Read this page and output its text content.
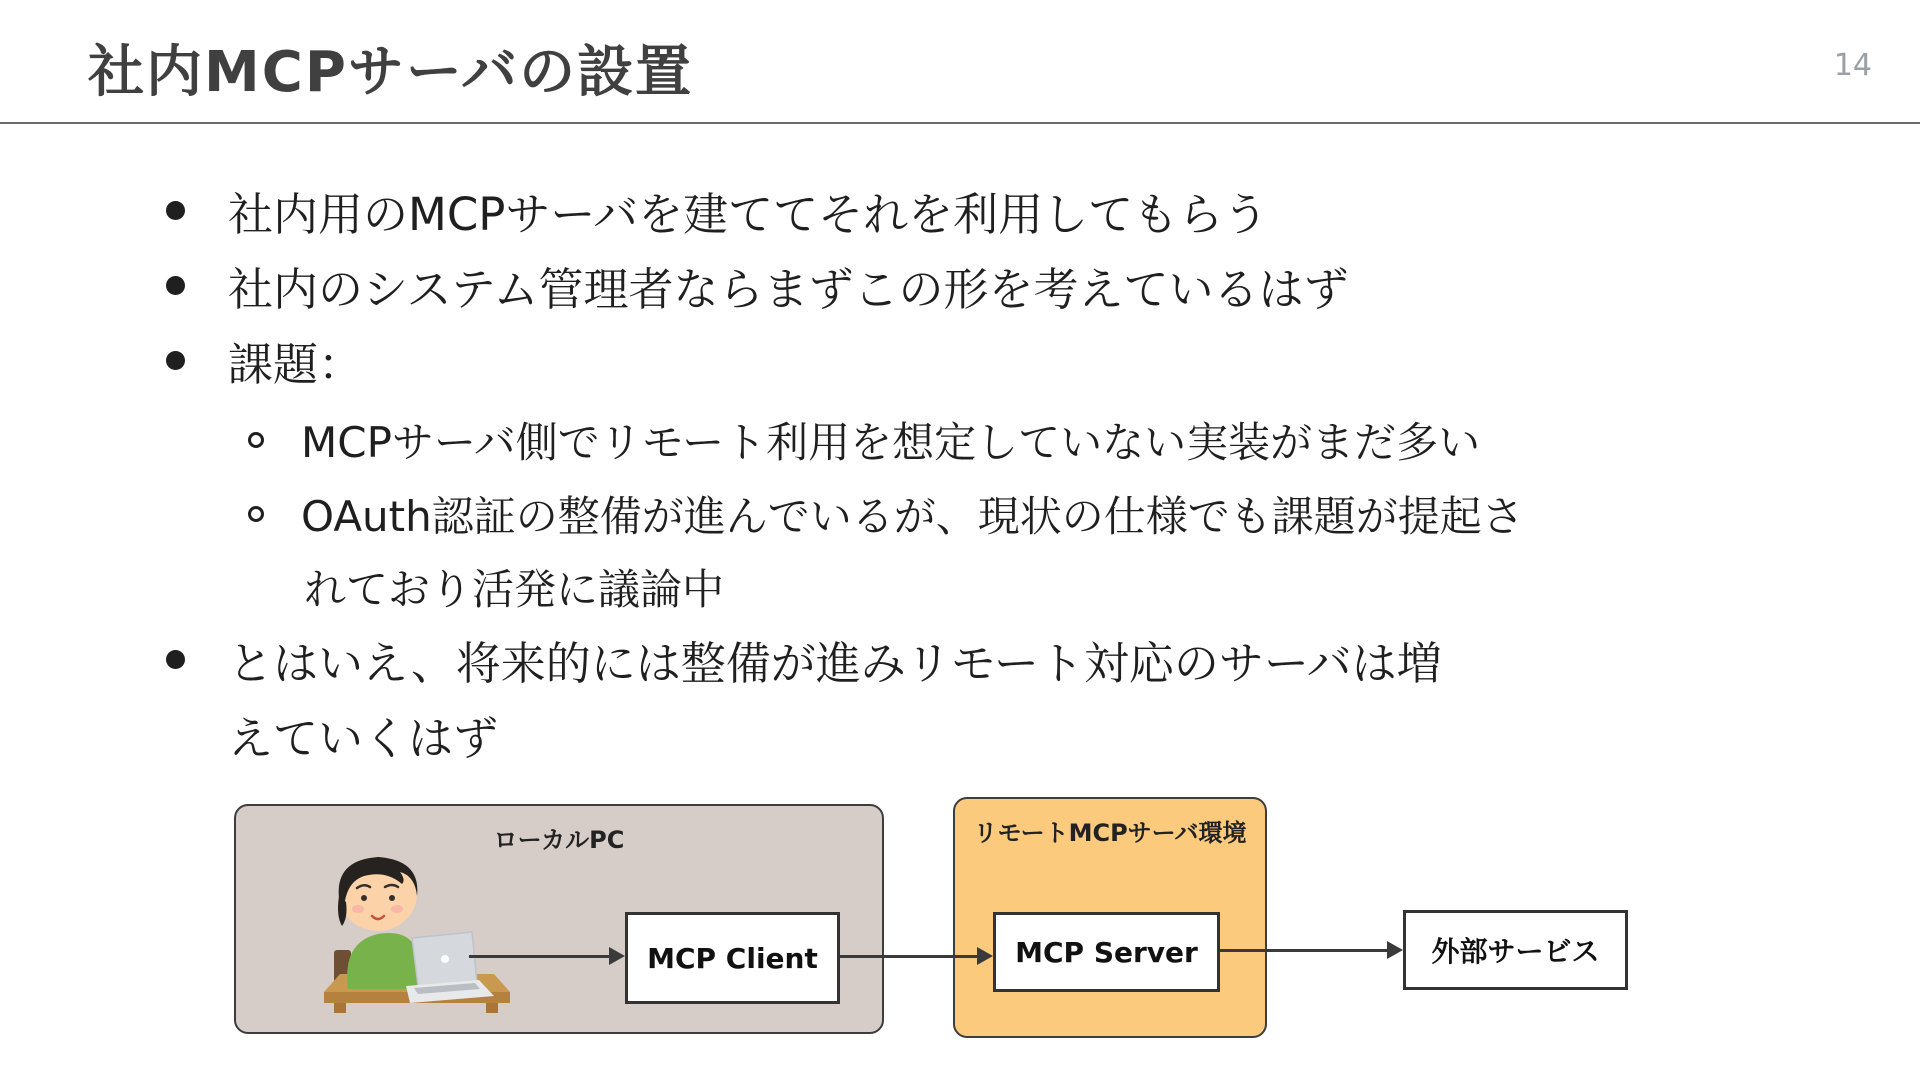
社内MCPサーバの設置	14
社内用のMCPサーバを建ててそれを利用してもらう
社内のシステム管理者ならまずこの形を考えているはず
課題：
MCPサーバ側でリモート利用を想定していない実装がまだ多い
OAuth認証の整備が進んでいるが、現状の仕様でも課題が提起さ
れており活発に議論中
とはいえ、将来的には整備が進みリモート対応のサーバは増
えていくはず
ローカルPC	リモートMCPサーバ環境
MCP Client	MCP Server	外部サービス
